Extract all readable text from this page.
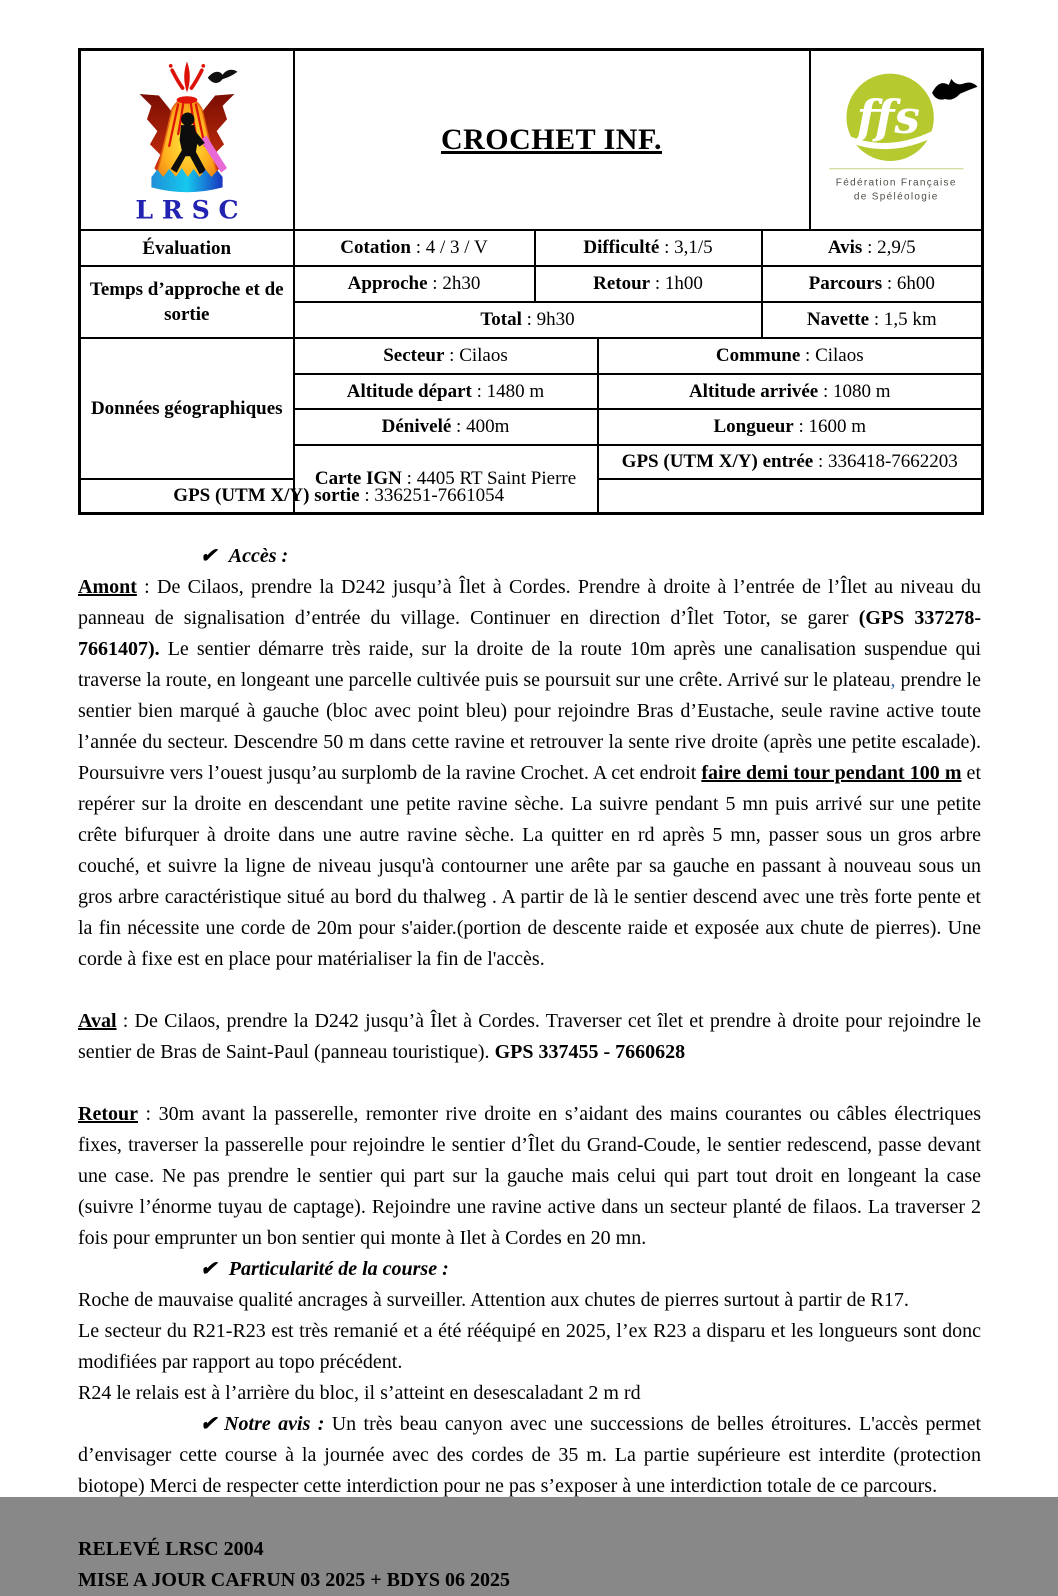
L R S C	CROCHET INF.				ffs
Fédération Française
de Spéléologie

Évaluation	Cotation : 4 / 3 / V	Difficulté : 3,1/5		Avis : 2,9/5	
Temps d’approche et de sortie	Approche : 2h30	Retour : 1h00		Parcours : 6h00	
	Total : 9h30			Navette : 1,5 km	
Données géographiques	Secteur : Cilaos		Commune : Cilaos		
	Altitude départ : 1480 m		Altitude arrivée : 1080 m		
	Dénivelé : 400m		Longueur : 1600 m		
	Carte IGN : 4405 RT Saint Pierre		GPS (UTM X/Y) entrée : 336418-7662203		
GPS (UTM X/Y) sortie : 336251-7661054					

✔ Accès :

Amont : De Cilaos, prendre la D242 jusqu’à Îlet à Cordes. Prendre à droite à l’entrée de l’Îlet au niveau du panneau de signalisation d’entrée du village. Continuer en direction d’Îlet Totor, se garer (GPS 337278-7661407). Le sentier démarre très raide, sur la droite de la route 10m après une canalisation suspendue qui traverse la route, en longeant une parcelle cultivée puis se poursuit sur une crête. Arrivé sur le plateau, prendre le sentier bien marqué à gauche (bloc avec point bleu) pour rejoindre Bras d’Eustache, seule ravine active toute l’année du secteur. Descendre 50 m dans cette ravine et retrouver la sente rive droite (après une petite escalade). Poursuivre vers l’ouest jusqu’au surplomb de la ravine Crochet. A cet endroit faire demi tour pendant 100 m et repérer sur la droite en descendant une petite ravine sèche. La suivre pendant 5 mn puis arrivé sur une petite crête bifurquer à droite dans une autre ravine sèche. La quitter en rd après 5 mn, passer sous un gros arbre couché, et suivre la ligne de niveau jusqu'à contourner une arête par sa gauche en passant à nouveau sous un gros arbre caractéristique situé au bord du thalweg . A partir de là le sentier descend avec une très forte pente et la fin nécessite une corde de 20m pour s'aider.(portion de descente raide et exposée aux chute de pierres). Une corde à fixe est en place pour matérialiser la fin de l'accès.

Aval : De Cilaos, prendre la D242 jusqu’à Îlet à Cordes. Traverser cet îlet et prendre à droite pour rejoindre le sentier de Bras de Saint-Paul (panneau touristique). GPS 337455 - 7660628

Retour : 30m avant la passerelle, remonter rive droite en s’aidant des mains courantes ou câbles électriques fixes, traverser la passerelle pour rejoindre le sentier d’Îlet du Grand-Coude, le sentier redescend, passe devant une case. Ne pas prendre le sentier qui part sur la gauche mais celui qui part tout droit en longeant la case (suivre l’énorme tuyau de captage). Rejoindre une ravine active dans un secteur planté de filaos. La traverser 2 fois pour emprunter un bon sentier qui monte à Ilet à Cordes en 20 mn.

✔ Particularité de la course :

Roche de mauvaise qualité ancrages à surveiller. Attention aux chutes de pierres surtout à partir de R17.

Le secteur du R21-R23 est très remanié et a été rééquipé en 2025, l’ex R23 a disparu et les longueurs sont donc modifiées par rapport au topo précédent.

R24 le relais est à l’arrière du bloc, il s’atteint en desescaladant 2 m rd

✔ Notre avis : Un très beau canyon avec une successions de belles étroitures. L'accès permet d’envisager cette course à la journée avec des cordes de 35 m. La partie supérieure est interdite (protection biotope) Merci de respecter cette interdiction pour ne pas s’exposer à une interdiction totale de ce parcours.

RELEVÉ LRSC 2004
MISE A JOUR CAFRUN 03 2025 + BDYS 06 2025
